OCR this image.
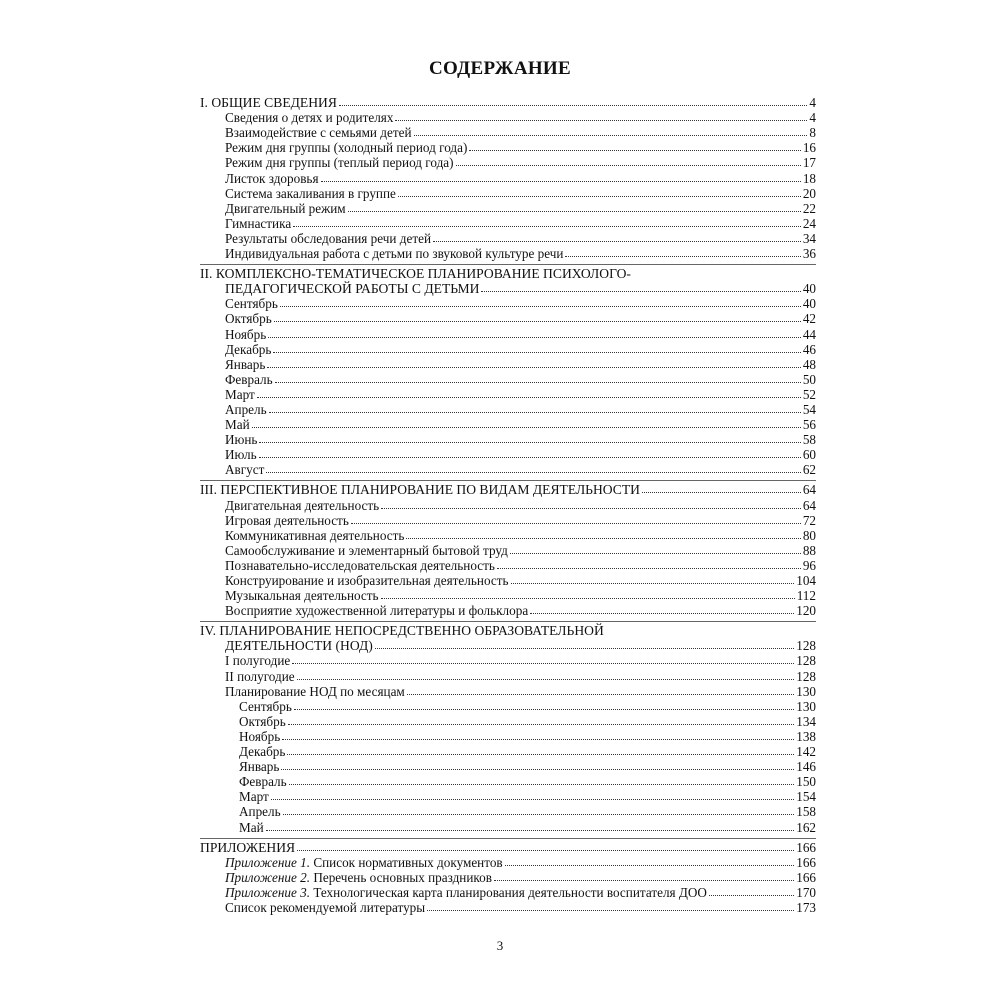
СОДЕРЖАНИЕ
I. ОБЩИЕ СВЕДЕНИЯ	4
Сведения о детях и родителях	4
Взаимодействие с семьями детей	8
Режим дня группы (холодный период года)	16
Режим дня группы (теплый период года)	17
Листок здоровья	18
Система закаливания в группе	20
Двигательный режим	22
Гимнастика	24
Результаты обследования речи детей	34
Индивидуальная работа с детьми по звуковой культуре речи	36
II. КОМПЛЕКСНО-ТЕМАТИЧЕСКОЕ ПЛАНИРОВАНИЕ ПСИХОЛОГО-
ПЕДАГОГИЧЕСКОЙ РАБОТЫ С ДЕТЬМИ	40
Сентябрь	40
Октябрь	42
Ноябрь	44
Декабрь	46
Январь	48
Февраль	50
Март	52
Апрель	54
Май	56
Июнь	58
Июль	60
Август	62
III. ПЕРСПЕКТИВНОЕ ПЛАНИРОВАНИЕ ПО ВИДАМ ДЕЯТЕЛЬНОСТИ	64
Двигательная деятельность	64
Игровая деятельность	72
Коммуникативная деятельность	80
Самообслуживание и элементарный бытовой труд	88
Познавательно-исследовательская деятельность	96
Конструирование и изобразительная деятельность	104
Музыкальная деятельность	112
Восприятие художественной литературы и фольклора	120
IV. ПЛАНИРОВАНИЕ НЕПОСРЕДСТВЕННО ОБРАЗОВАТЕЛЬНОЙ
ДЕЯТЕЛЬНОСТИ (НОД)	128
I полугодие	128
II полугодие	128
Планирование НОД по месяцам	130
Сентябрь	130
Октябрь	134
Ноябрь	138
Декабрь	142
Январь	146
Февраль	150
Март	154
Апрель	158
Май	162
ПРИЛОЖЕНИЯ	166
Приложение 1. Список нормативных документов	166
Приложение 2. Перечень основных праздников	166
Приложение 3. Технологическая карта планирования деятельности воспитателя ДОО	170
Список рекомендуемой литературы	173
3
